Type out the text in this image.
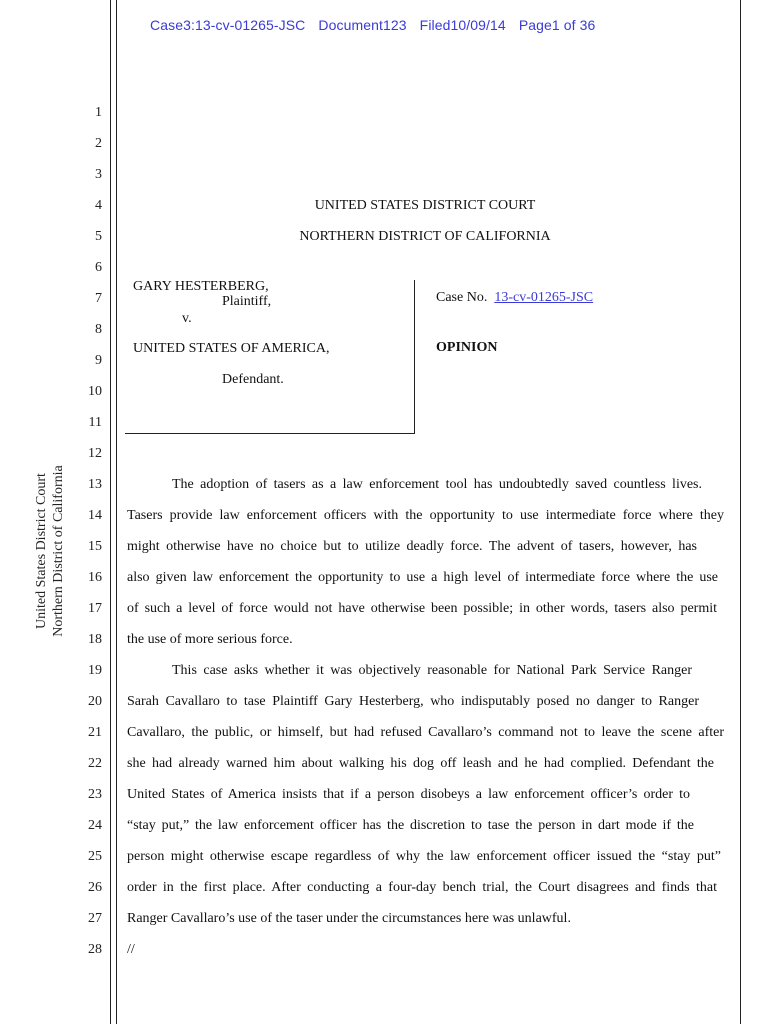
Case3:13-cv-01265-JSC Document123 Filed10/09/14 Page1 of 36
United States District Court Northern District of California
1
2
3
4
5
6
7
8
9
10
11
12
13
14
15
16
17
18
19
20
21
22
23
24
25
26
27
28
UNITED STATES DISTRICT COURT
NORTHERN DISTRICT OF CALIFORNIA
GARY HESTERBERG,
Plaintiff,
v.
UNITED STATES OF AMERICA,
Defendant.
Case No. 13-cv-01265-JSC
OPINION
The adoption of tasers as a law enforcement tool has undoubtedly saved countless lives.
Tasers provide law enforcement officers with the opportunity to use intermediate force where they
might otherwise have no choice but to utilize deadly force. The advent of tasers, however, has
also given law enforcement the opportunity to use a high level of intermediate force where the use
of such a level of force would not have otherwise been possible; in other words, tasers also permit
the use of more serious force.
This case asks whether it was objectively reasonable for National Park Service Ranger
Sarah Cavallaro to tase Plaintiff Gary Hesterberg, who indisputably posed no danger to Ranger
Cavallaro, the public, or himself, but had refused Cavallaro’s command not to leave the scene after
she had already warned him about walking his dog off leash and he had complied. Defendant the
United States of America insists that if a person disobeys a law enforcement officer’s order to
“stay put,” the law enforcement officer has the discretion to tase the person in dart mode if the
person might otherwise escape regardless of why the law enforcement officer issued the “stay put”
order in the first place. After conducting a four-day bench trial, the Court disagrees and finds that
Ranger Cavallaro’s use of the taser under the circumstances here was unlawful.
//
